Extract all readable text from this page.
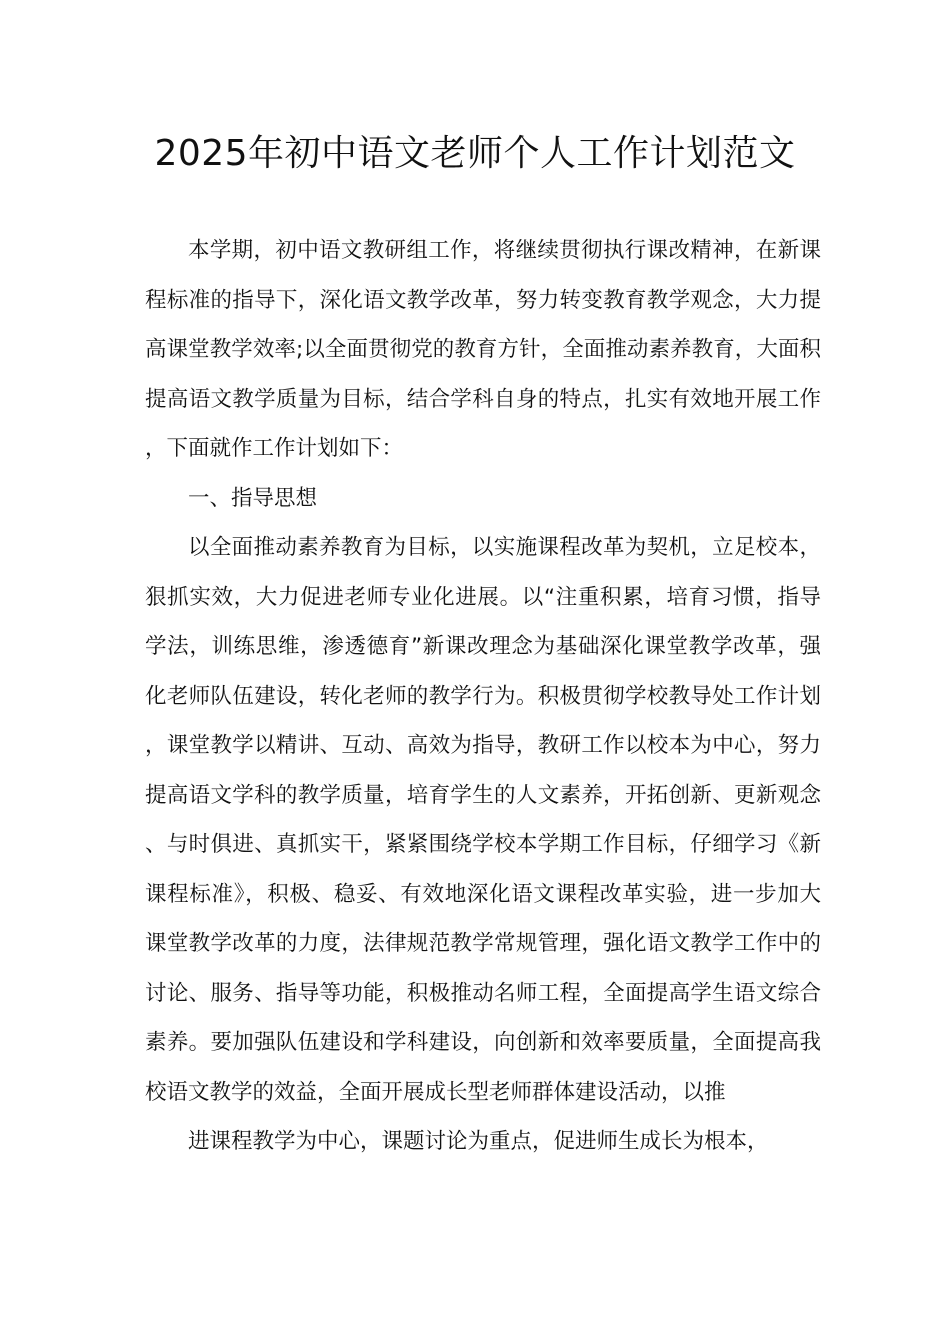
2025年初中语文老师个人工作计划范文

本学期，初中语文教研组工作，将继续贯彻执行课改精神，在新课程标准的指导下，深化语文教学改革，努力转变教育教学观念，大力提高课堂教学效率;以全面贯彻党的教育方针，全面推动素养教育，大面积提高语文教学质量为目标，结合学科自身的特点，扎实有效地开展工作，下面就作工作计划如下：

一、指导思想

以全面推动素养教育为目标，以实施课程改革为契机，立足校本，狠抓实效，大力促进老师专业化进展。以“注重积累，培育习惯，指导学法，训练思维，渗透德育”新课改理念为基础深化课堂教学改革，强化老师队伍建设，转化老师的教学行为。积极贯彻学校教导处工作计划，课堂教学以精讲、互动、高效为指导，教研工作以校本为中心，努力提高语文学科的教学质量，培育学生的人文素养，开拓创新、更新观念、与时俱进、真抓实干，紧紧围绕学校本学期工作目标，仔细学习《新课程标准》，积极、稳妥、有效地深化语文课程改革实验，进一步加大课堂教学改革的力度，法律规范教学常规管理，强化语文教学工作中的讨论、服务、指导等功能，积极推动名师工程，全面提高学生语文综合素养。要加强队伍建设和学科建设，向创新和效率要质量，全面提高我校语文教学的效益，全面开展成长型老师群体建设活动，以推

进课程教学为中心，课题讨论为重点，促进师生成长为根本，
